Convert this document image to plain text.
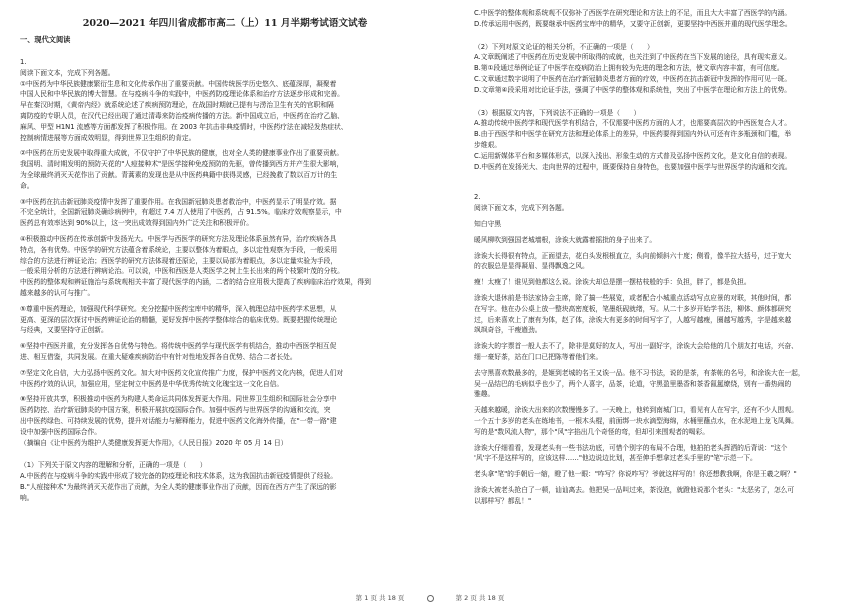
2020—2021 年四川省成都市高二（上）11 月半期考试语文试卷
一、现代文阅读

1.

阅读下面文本，完成下列各题。

①中医药为中华民族健康繁衍生息和文化传承作出了重要贡献。中国传统医学历史悠久、底蕴深厚，凝聚着

中国人民和中华民族的博大智慧。在与疫病斗争的实践中，中医药防疫理论体系和治疗方法逐步形成和完善。

早在秦汉时期，《黄帝内经》就系统论述了疾病预防理论，在战国时期就已提有与涝治卫生有关的官职和隔

离防疫的专职人员，在汉代已经出现了通过清毒来防治疫病传播的方法。新中国成立后，中医药在治疗乙脑、

麻风、甲型 H1N1 流感等方面都发挥了积极作用。在 2003 年抗击非典疫情时，中医药疗法在减轻发热症状、

控制病情进展等方面成效明显，得到世界卫生组织的肯定。

②中医药在历史发展中取得重大成就，不仅守护了中华民族的健康，也对全人类的健康事业作出了重要贡献。

我国明、清时期发明的预防天花的"人痘接种术"是医学接种免疫预防的先驱，曾传播到西方并产生很大影响，

为全球最终消灭天花作出了贡献。青蒿素的发现也是从中医药典籍中获得灵感，已经挽救了数以百万计的生

命。

③中医药在抗击新冠肺炎疫情中发挥了重要作用。在我国新冠肺炎患者救治中，中医药显示了明显疗效。据

不完全统计，全国新冠肺炎确诊病例中，有超过 7.4 万人使用了中医药，占 91.5%。临床疗效观察显示，中

医药总有效率达到 90%以上，这一突出成效得到国内外广泛关注和积极评价。

④积极推动中医药在传承创新中发扬光大。中医学与西医学的研究方法及理论体系虽然有异，治疗疾病各具

特点，各有优势。中医学的研究方法蕴含着系统论，主要以整体为着眼点，多以定性观察为手段，一般采用

综合的方法进行辨证论治；西医学的研究方法体现着还原论，主要以局部为着眼点，多以定量实验为手段，

一般采用分析的方法进行辨病论治。可以说，中医和西医是人类医学之树上生长出来的两个枝繁叶茂的分枝。

中医药的整体观和辨证施治与系统观相关丰富了现代医学的内涵，二者的结合应用极大提高了疾病临床治疗效果，得到

越来越多的认可与推广。

⑤尊重中医药理论，加强现代科学研究。充分挖掘中医药宝库中的精华，深入梳理总结中医药学术思想，从

更高、更深的层次探讨中医药辨证论治的精髓，更好发挥中医药学整体综合的临床优势。既要把握传统理论

与经典，又要坚持守正创新。

⑥坚持中西医并重，充分发挥各自优势与特色。将传统中医药学与现代医学有机结合，推动中西医学相互促

进、相互借鉴，共同发展。在重大疑难疾病防治中有针对性地发挥各自优势、结合二者长处。

⑦坚定文化自信，大力弘扬中医药文化。加大对中医药文化宣传推广力度，保护中医药文化内核，促进人们对

中医药疗效的认识，加强应用，坚定树立中医药是中华优秀传统文化瑰宝这一文化自信。

⑧坚持开放共享，积极推动中医药为构建人类命运共同体发挥更大作用。同世界卫生组织和国际社会分享中

医药防控、治疗新冠肺炎的中国方案，积极开展抗疫国际合作。加强中医药与世界医学的沟通和交流，突

出中医药绿色、可持续发展的优势，提升对话能力与解释能力，促进中医药文化海外传播，在"一带一路"建

设中加强中医药国际合作。

（摘编自《让中医药为维护人类健康发挥更大作用》，《人民日报》2020 年 05 月 14 日）

（1）下列关于原文内容的理解和分析，正确的一项是（　　）

A.中医药在与疫病斗争的实践中形成了较完备的防疫理论和技术体系，这为我国抗击新冠疫情提供了经验。

B."人痘接种术"为最终消灭天花作出了贡献，为全人类的健康事业作出了贡献，因而在西方产生了深远的影

响。

C.中医学的整体观和系统观不仅弥补了西医学在研究理论和方法上的不足，而且大大丰富了西医学的内涵。

D.传承运用中医药，既要继承中医药宝库中的精华，又要守正创新，更要坚持中西医并重的现代医学理念。

（2）下列对原文论证的相关分析，不正确的一项是（　　）

A.文章既阐述了中医药在历史发展中所取得的成就，也关注到了中医药在当下发展的途径，具有现实意义。

B.第①段通过举例论证了中医学在疫病防治上拥有较为先进的理念和方法，使文章内容丰富，有可信度。

C.文章通过数字说明了中医药在治疗新冠肺炎患者方面的疗效，中医药在抗击新冠中发挥的作用可见一斑。

D.文章第④段采用对比论证手法，强调了中医学的整体观和系统性，突出了中医学在理论和方法上的优势。

（3）根据原文内容，下列说法不正确的一项是（　　）

A.推动传统中医药学和现代医学有机结合，不仅需要中医药方面的人才，也需要高层次的中西医复合人才。

B.由于西医学和中医学在研究方法和理论体系上的差异，中医药要得到国内外认可还有许多瓶颈和门槛，举

步维艰。

C.运用新媒体平台和多媒体形式，以深入浅出、形象生动的方式普及弘扬中医药文化，是文化自信的表现。

D.中医药在发扬光大、走向世界的过程中，既要保持自身特色，也要加强中医学与世界医学的沟通和交流。

2.

阅读下面文本，完成下列各题。

知白守黑

暖风柳吹到强国老城墙根，涂诶大就露着摇批的身子出来了。

涂诶大长得很有特点，正面望去，花白头发根根直立，头向前倾斜六十度；侧看，像半拉大括号，过于宽大

的衣服总是显得凝眉、显得飘逸之风。

瘦！太瘦了！谁见到他都这么说。涂诶大却总是摆一摆枯枝般的手：负担，胖了，都是负担。

涂诶大退休前是书法家协会主席，除了搞一些展览，或者配合小城重点活动写点应景的对联，其他时间，都

在写字。他在办公桌上放一整块高密度板，笔墨纸砚就绪，写。从二十多岁开始学书法，柳体、颜体都研究

过，后来喜欢上了康有为体，赵了体，涂诶大有更多的时间写字了，人越写越瘦，圈越写越秀，字是越来越

飒飒奇谷，干瘦遒劲。

涂诶大的字票首一般人去不了，除非是莫好的友人，写出一副好字，涂诶大会给他的几个朋友打电话，兴奋、

细一豪好茶，站在门口已把陈等着他们来。

去守黑喜欢数最多的，是姬到老城的名王又诶一品。他不习书法，说的是茶，有茶帐的名号，和涂诶大在一起，

吴一品结巴的毛病似乎也少了，两个人喜字，品茶，论道，守黑盈里墨香和茶香氤氲缭绕，别有一番热闹的

雅趣。

天越来越暖，涂诶大出来的次数慢慢多了。一天晚上，他转到南城门口，看见有人在写字，还有不少人围观。

一个五十多岁的老头在练地书，一根木头棍，前面绑一块水滴型海绵，水桶里蘸点水，在水泥地上龙飞凤舞。

写的是"数风流人物"，那个"风"字掐出几个奇怪的弯，但却引来围观者的喝彩。

涂诶大仔细看看，发现老头有一些书法功底，可惜个别字的布局不合理，他拍拍老头挥洒的后背说："这个

'风'字不是这样写的，应该这样……"他边说边比划，甚至伸手想拿过老头手里的"笔"示范一下。

老头拿"笔"的手朝后一缩，瞪了他一眼："咋写？你说咋写？爷就这样写的！你还想教我啊，你是王羲之啊？"

涂诶大被老头抢白了一顿，讪讪离去。他把吴一品叫过来，茶没泡，就蹬他说那个老头："太恶劣了，怎么可

以那样写？都乱！"

第 1 页 共 18 页	第 2 页 共 18 页
